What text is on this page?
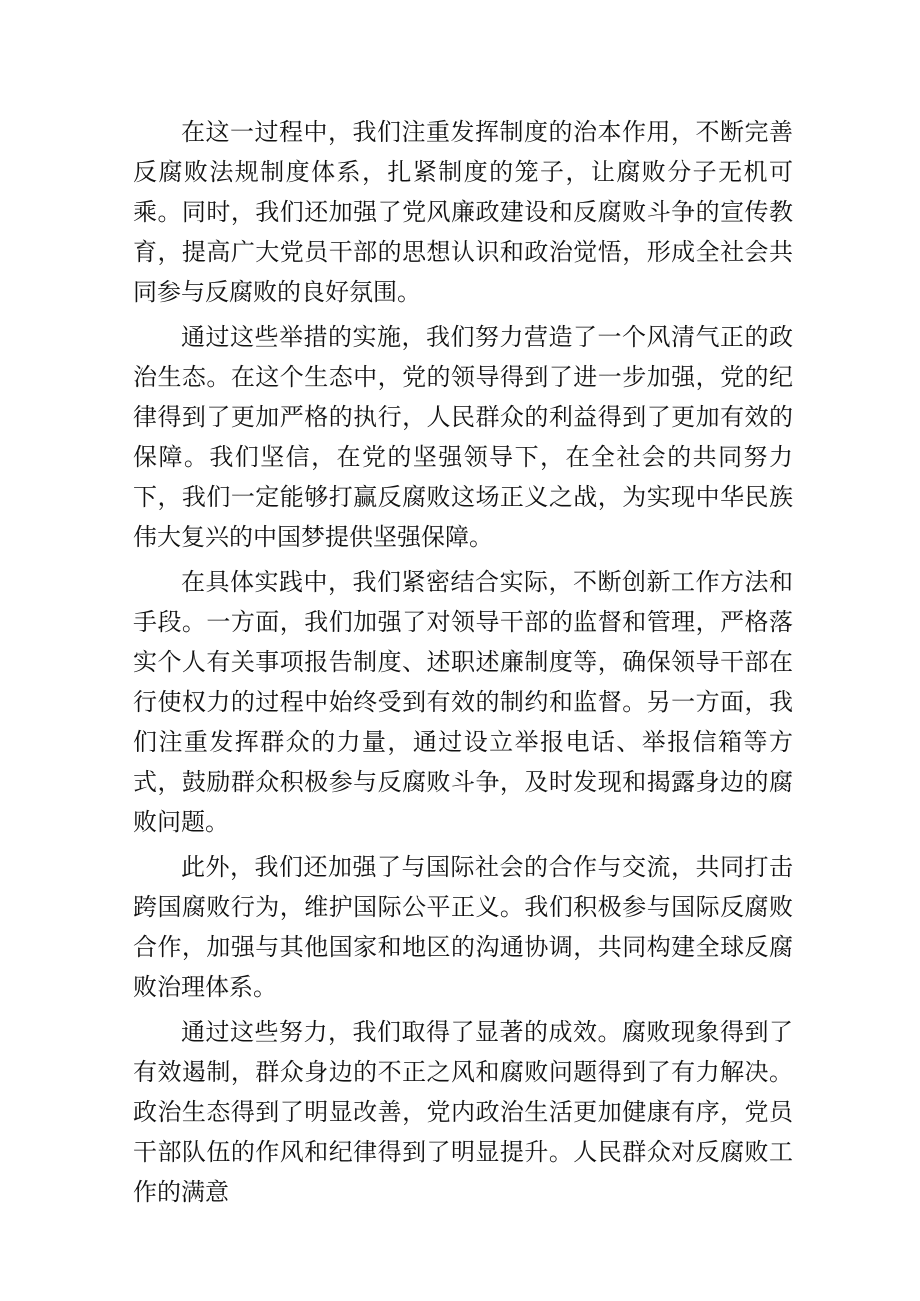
在这一过程中，我们注重发挥制度的治本作用，不断完善反腐败法规制度体系，扎紧制度的笼子，让腐败分子无机可乘。同时，我们还加强了党风廉政建设和反腐败斗争的宣传教育，提高广大党员干部的思想认识和政治觉悟，形成全社会共同参与反腐败的良好氛围。

通过这些举措的实施，我们努力营造了一个风清气正的政治生态。在这个生态中，党的领导得到了进一步加强，党的纪律得到了更加严格的执行，人民群众的利益得到了更加有效的保障。我们坚信，在党的坚强领导下，在全社会的共同努力下，我们一定能够打赢反腐败这场正义之战，为实现中华民族伟大复兴的中国梦提供坚强保障。

在具体实践中，我们紧密结合实际，不断创新工作方法和手段。一方面，我们加强了对领导干部的监督和管理，严格落实个人有关事项报告制度、述职述廉制度等，确保领导干部在行使权力的过程中始终受到有效的制约和监督。另一方面，我们注重发挥群众的力量，通过设立举报电话、举报信箱等方式，鼓励群众积极参与反腐败斗争，及时发现和揭露身边的腐败问题。

此外，我们还加强了与国际社会的合作与交流，共同打击跨国腐败行为，维护国际公平正义。我们积极参与国际反腐败合作，加强与其他国家和地区的沟通协调，共同构建全球反腐败治理体系。

通过这些努力，我们取得了显著的成效。腐败现象得到了有效遏制，群众身边的不正之风和腐败问题得到了有力解决。政治生态得到了明显改善，党内政治生活更加健康有序，党员干部队伍的作风和纪律得到了明显提升。人民群众对反腐败工作的满意
